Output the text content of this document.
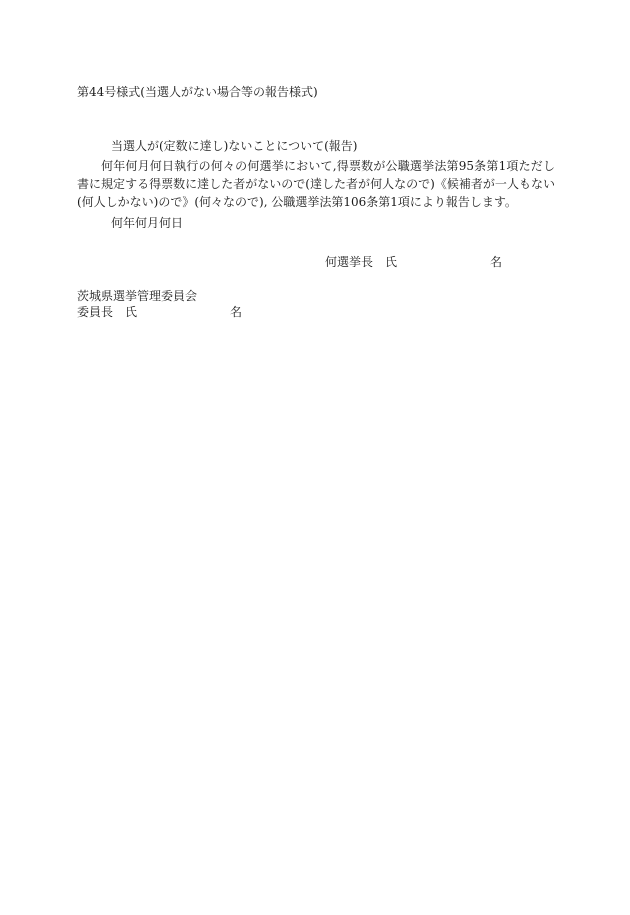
第44号様式(当選人がない場合等の報告様式)
当選人が(定数に達し)ないことについて(報告)

何年何月何日執行の何々の何選挙において,得票数が公職選挙法第95条第1項ただし書に規定する得票数に達した者がないので(達した者が何人なので)《候補者が一人もない(何人しかない)ので》(何々なので), 公職選挙法第106条第1項により報告します。

何年何月何日
何選挙長 氏	名
茨城県選挙管理委員会
委員長 氏	名
